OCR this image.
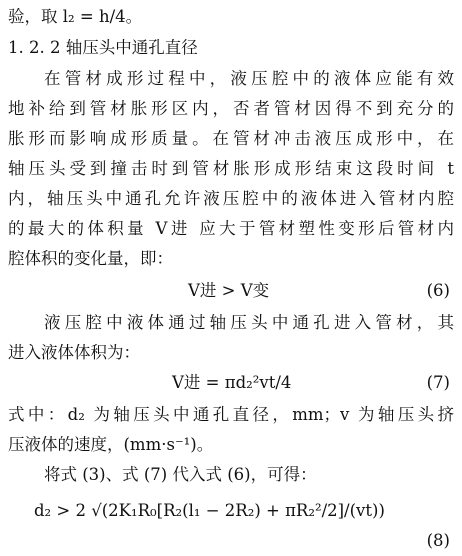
验，取 l₂ = h/4。
1. 2. 2 轴压头中通孔直径
在管材成形过程中，液压腔中的液体应能有效
地补给到管材胀形区内，否者管材因得不到充分的
胀形而影响成形质量。在管材冲击液压成形中，在
轴压头受到撞击时到管材胀形成形结束这段时间 t
内，轴压头中通孔允许液压腔中的液体进入管材内腔
的最大的体积量 V进 应大于管材塑性变形后管材内
腔体积的变化量，即：
V进 > V变	(6)
液压腔中液体通过轴压头中通孔进入管材，其
进入液体体积为：
V进 = πd₂²vt/4	(7)
式中：d₂ 为轴压头中通孔直径，mm；v 为轴压头挤
压液体的速度，(mm·s⁻¹)。
将式 (3)、式 (7) 代入式 (6)，可得：
d₂ > 2 √(2K₁R₀[R₂(l₁ − 2R₂) + πR₂²/2]/(vt))
(8)
